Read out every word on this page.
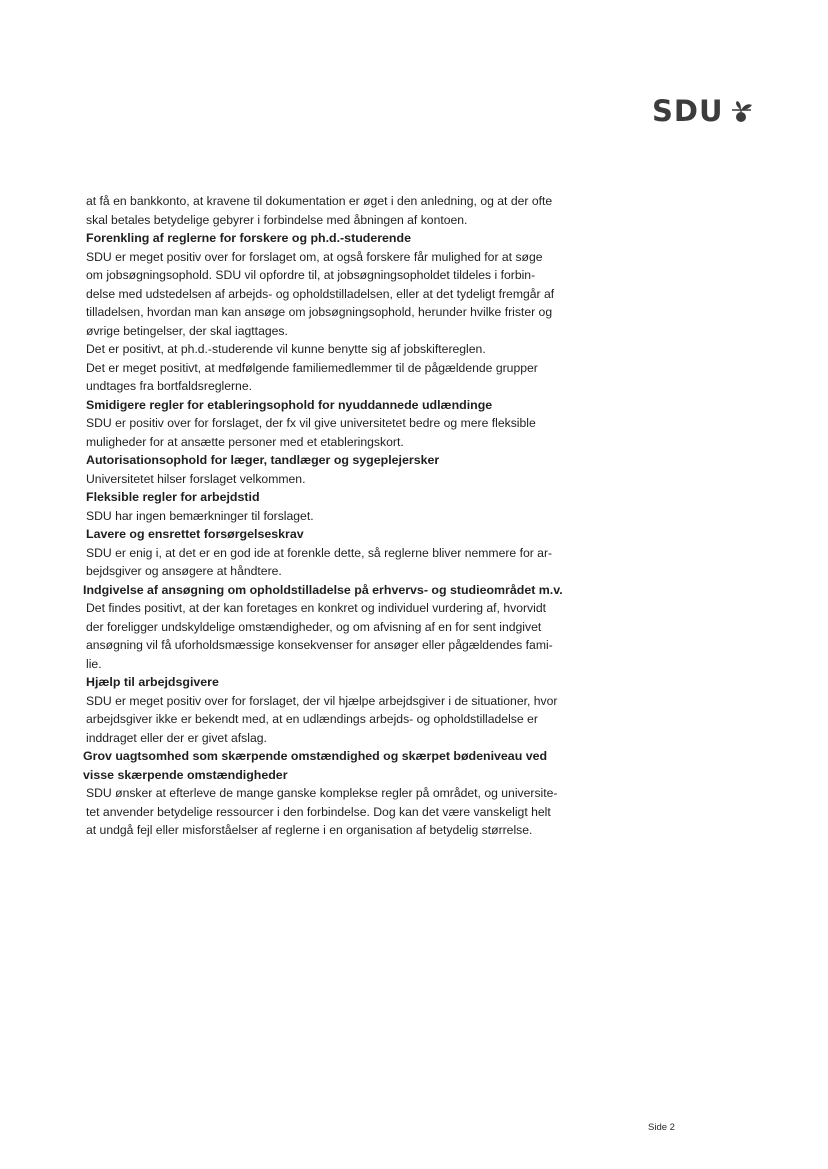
SDU

at få en bankkonto, at kravene til dokumentation er øget i den anledning, og at der ofte
skal betales betydelige gebyrer i forbindelse med åbningen af kontoen.

Forenkling af reglerne for forskere og ph.d.-studerende

SDU er meget positiv over for forslaget om, at også forskere får mulighed for at søge
om jobsøgningsophold. SDU vil opfordre til, at jobsøgningsopholdet tildeles i forbin-
delse med udstedelsen af arbejds- og opholdstilladelsen, eller at det tydeligt fremgår af
tilladelsen, hvordan man kan ansøge om jobsøgningsophold, herunder hvilke frister og
øvrige betingelser, der skal iagttages.

Det er positivt, at ph.d.-studerende vil kunne benytte sig af jobskiftereglen.

Det er meget positivt, at medfølgende familiemedlemmer til de pågældende grupper
undtages fra bortfaldsreglerne.

Smidigere regler for etableringsophold for nyuddannede udlændinge

SDU er positiv over for forslaget, der fx vil give universitetet bedre og mere fleksible
muligheder for at ansætte personer med et etableringskort.

Autorisationsophold for læger, tandlæger og sygeplejersker

Universitetet hilser forslaget velkommen.

Fleksible regler for arbejdstid

SDU har ingen bemærkninger til forslaget.

Lavere og ensrettet forsørgelseskrav

SDU er enig i, at det er en god ide at forenkle dette, så reglerne bliver nemmere for ar-
bejdsgiver og ansøgere at håndtere.

Indgivelse af ansøgning om opholdstilladelse på erhvervs- og studieområdet m.v.

Det findes positivt, at der kan foretages en konkret og individuel vurdering af, hvorvidt
der foreligger undskyldelige omstændigheder, og om afvisning af en for sent indgivet
ansøgning vil få uforholdsmæssige konsekvenser for ansøger eller pågældendes fami-
lie.

Hjælp til arbejdsgivere

SDU er meget positiv over for forslaget, der vil hjælpe arbejdsgiver i de situationer, hvor
arbejdsgiver ikke er bekendt med, at en udlændings arbejds- og opholdstilladelse er
inddraget eller der er givet afslag.

Grov uagtsomhed som skærpende omstændighed og skærpet bødeniveau ved
visse skærpende omstændigheder

SDU ønsker at efterleve de mange ganske komplekse regler på området, og universite-
tet anvender betydelige ressourcer i den forbindelse. Dog kan det være vanskeligt helt
at undgå fejl eller misforståelser af reglerne i en organisation af betydelig størrelse.

Side 2
